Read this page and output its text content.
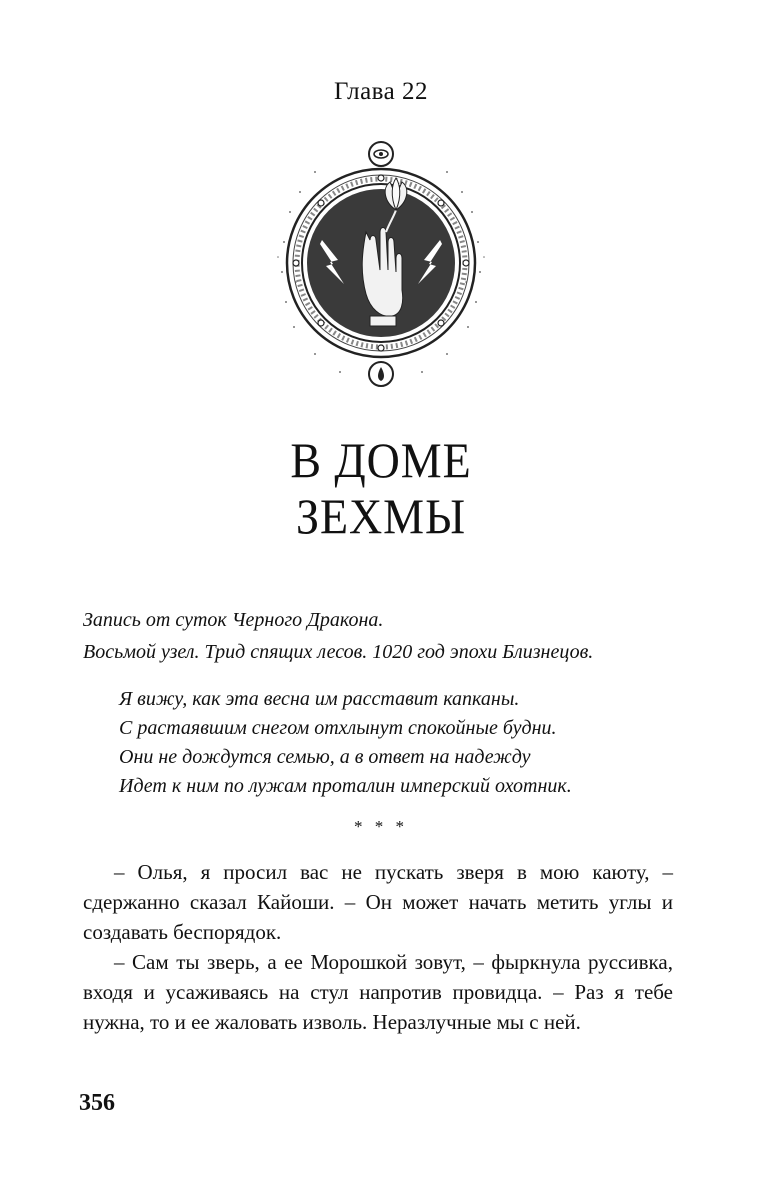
Глава 22
В ДОМЕ
ЗЕХМЫ
Запись от суток Черного Дракона.
Восьмой узел. Трид спящих лесов. 1020 год эпохи Близнецов.
Я вижу, как эта весна им расставит капканы.
С растаявшим снегом отхлынут спокойные будни.
Они не дождутся семью, а в ответ на надежду
Идет к ним по лужам проталин имперский охотник.
* * *

– Олья, я просил вас не пускать зверя в мою каюту, – сдержанно сказал Кайоши. – Он может начать метить углы и создавать беспорядок.

– Сам ты зверь, а ее Морошкой зовут, – фыркнула руссивка, входя и усаживаясь на стул напротив провидца. – Раз я тебе нужна, то и ее жаловать изволь. Неразлучные мы с ней.

356
